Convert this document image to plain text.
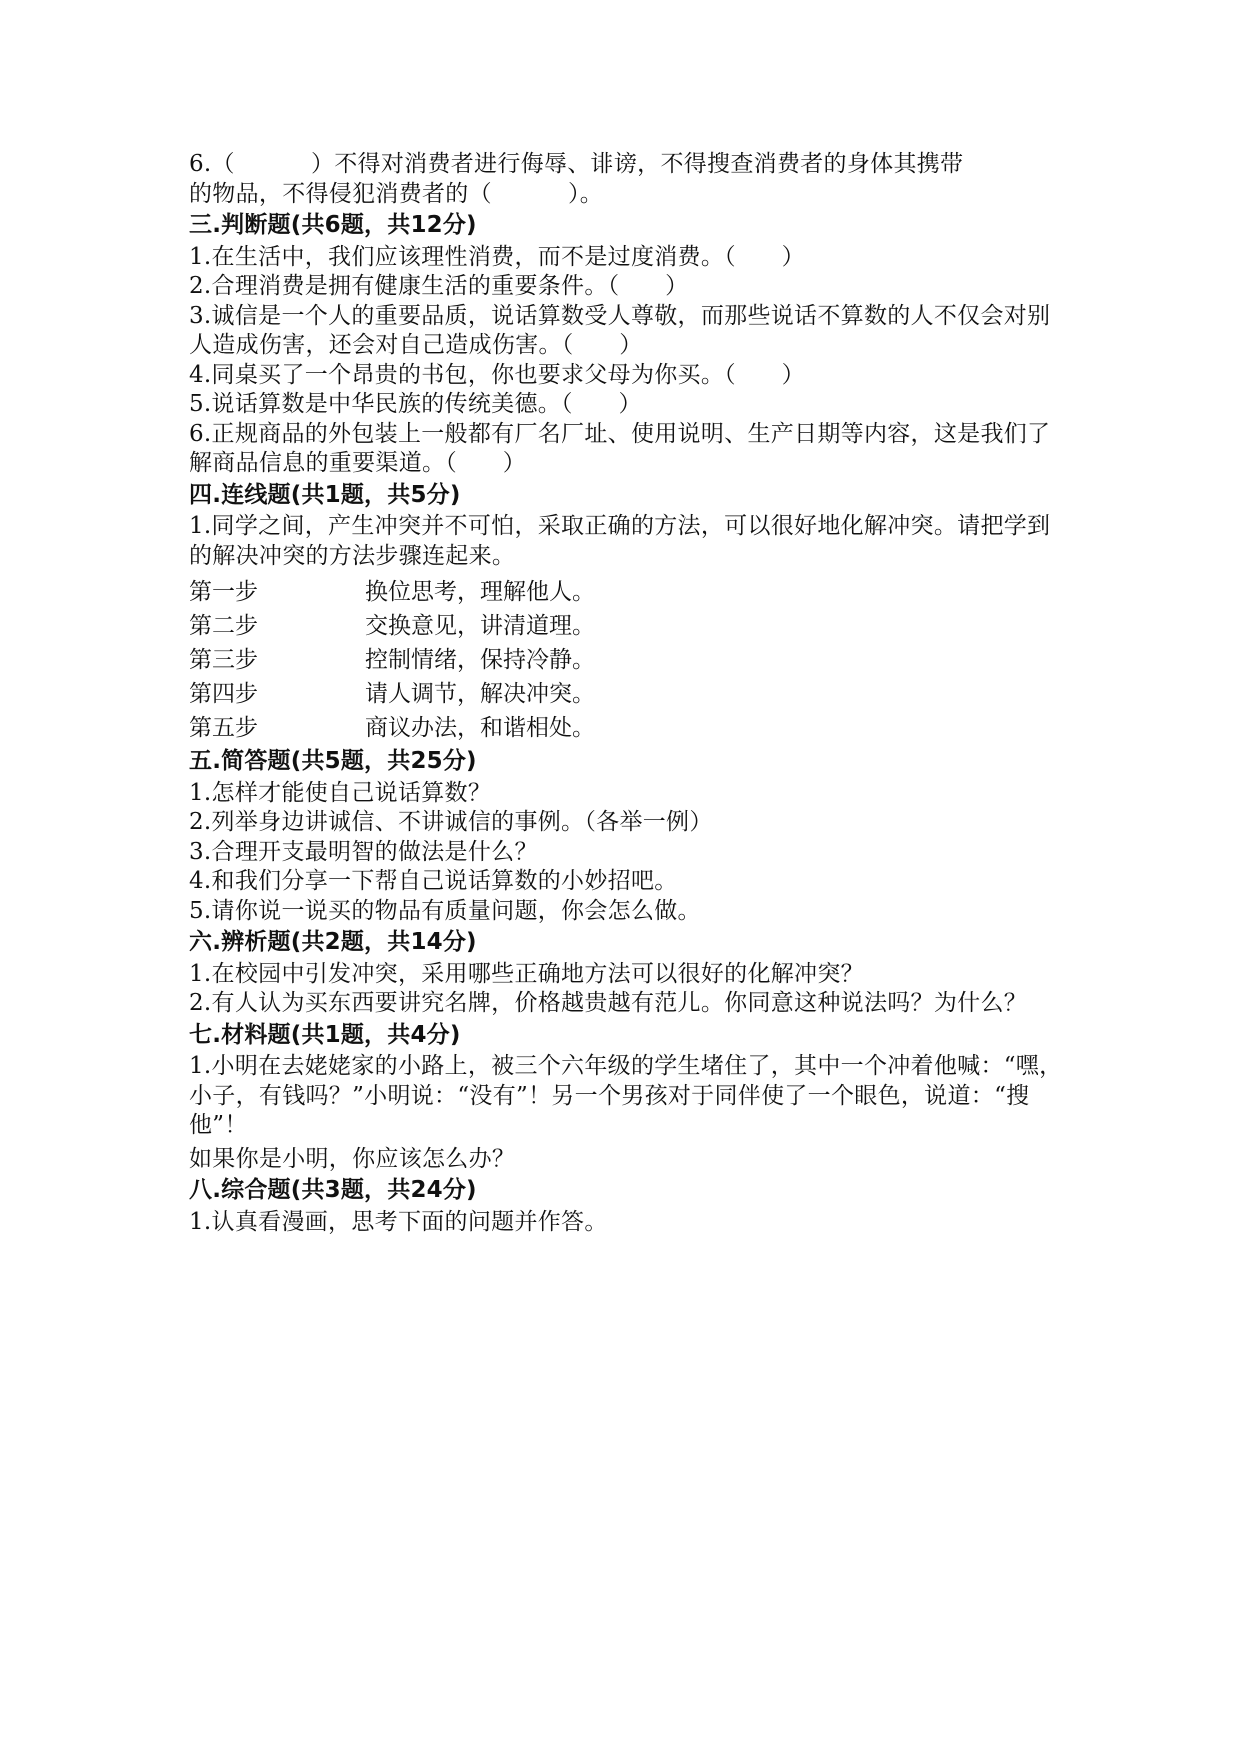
6.（          ）不得对消费者进行侮辱、诽谤，不得搜查消费者的身体其携带

的物品，不得侵犯消费者的（          ）。

三.判断题(共6题，共12分)

1.在生活中，我们应该理性消费，而不是过度消费。（      ）

2.合理消费是拥有健康生活的重要条件。（      ）

3.诚信是一个人的重要品质，说话算数受人尊敬，而那些说话不算数的人不仅会对别人造成伤害，还会对自己造成伤害。（      ）

4.同桌买了一个昂贵的书包，你也要求父母为你买。（      ）

5.说话算数是中华民族的传统美德。（      ）

6.正规商品的外包装上一般都有厂名厂址、使用说明、生产日期等内容，这是我们了解商品信息的重要渠道。（      ）

四.连线题(共1题，共5分)

1.同学之间，产生冲突并不可怕，采取正确的方法，可以很好地化解冲突。请把学到的解决冲突的方法步骤连起来。

第一步	换位思考，理解他人。
第二步	交换意见，讲清道理。
第三步	控制情绪，保持冷静。
第四步	请人调节，解决冲突。
第五步	商议办法，和谐相处。
五.简答题(共5题，共25分)

1.怎样才能使自己说话算数？

2.列举身边讲诚信、不讲诚信的事例。（各举一例）

3.合理开支最明智的做法是什么？

4.和我们分享一下帮自己说话算数的小妙招吧。

5.请你说一说买的物品有质量问题，你会怎么做。

六.辨析题(共2题，共14分)

1.在校园中引发冲突，采用哪些正确地方法可以很好的化解冲突？

2.有人认为买东西要讲究名牌，价格越贵越有范儿。你同意这种说法吗？为什么？

七.材料题(共1题，共4分)

1.小明在去姥姥家的小路上，被三个六年级的学生堵住了，其中一个冲着他喊：“嘿，小子，有钱吗？”小明说：“没有”！另一个男孩对于同伴使了一个眼色，说道：“搜他”！

如果你是小明，你应该怎么办？

八.综合题(共3题，共24分)

1.认真看漫画，思考下面的问题并作答。
